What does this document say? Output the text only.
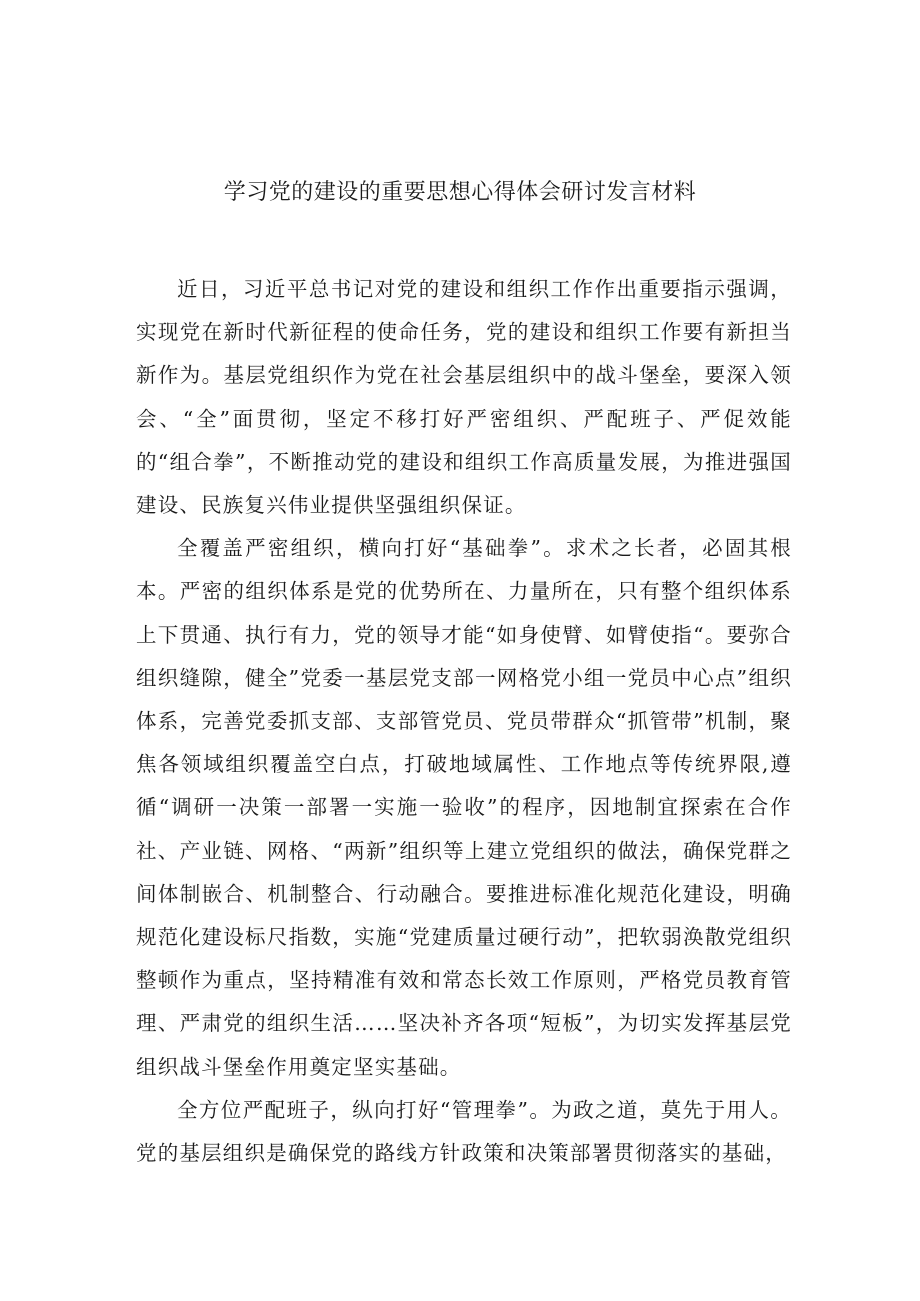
学习党的建设的重要思想心得体会研讨发言材料

近日，习近平总书记对党的建设和组织工作作出重要指示强调，实现党在新时代新征程的使命任务，党的建设和组织工作要有新担当新作为。基层党组织作为党在社会基层组织中的战斗堡垒，要深入领会、“全”面贯彻，坚定不移打好严密组织、严配班子、严促效能的“组合拳”，不断推动党的建设和组织工作高质量发展，为推进强国建设、民族复兴伟业提供坚强组织保证。

全覆盖严密组织，横向打好“基础拳”。求术之长者，必固其根本。严密的组织体系是党的优势所在、力量所在，只有整个组织体系上下贯通、执行有力，党的领导才能“如身使臂、如臂使指“。要弥合组织缝隙，健全”党委一基层党支部一网格党小组一党员中心点”组织体系，完善党委抓支部、支部管党员、党员带群众“抓管带”机制，聚焦各领域组织覆盖空白点，打破地域属性、工作地点等传统界限,遵循“调研一决策一部署一实施一验收”的程序，因地制宜探索在合作社、产业链、网格、“两新”组织等上建立党组织的做法，确保党群之间体制嵌合、机制整合、行动融合。要推进标准化规范化建设，明确规范化建设标尺指数，实施“党建质量过硬行动”，把软弱涣散党组织整顿作为重点，坚持精准有效和常态长效工作原则，严格党员教育管理、严肃党的组织生活……坚决补齐各项“短板”，为切实发挥基层党组织战斗堡垒作用奠定坚实基础。

全方位严配班子，纵向打好“管理拳”。为政之道，莫先于用人。党的基层组织是确保党的路线方针政策和决策部署贯彻落实的基础，
